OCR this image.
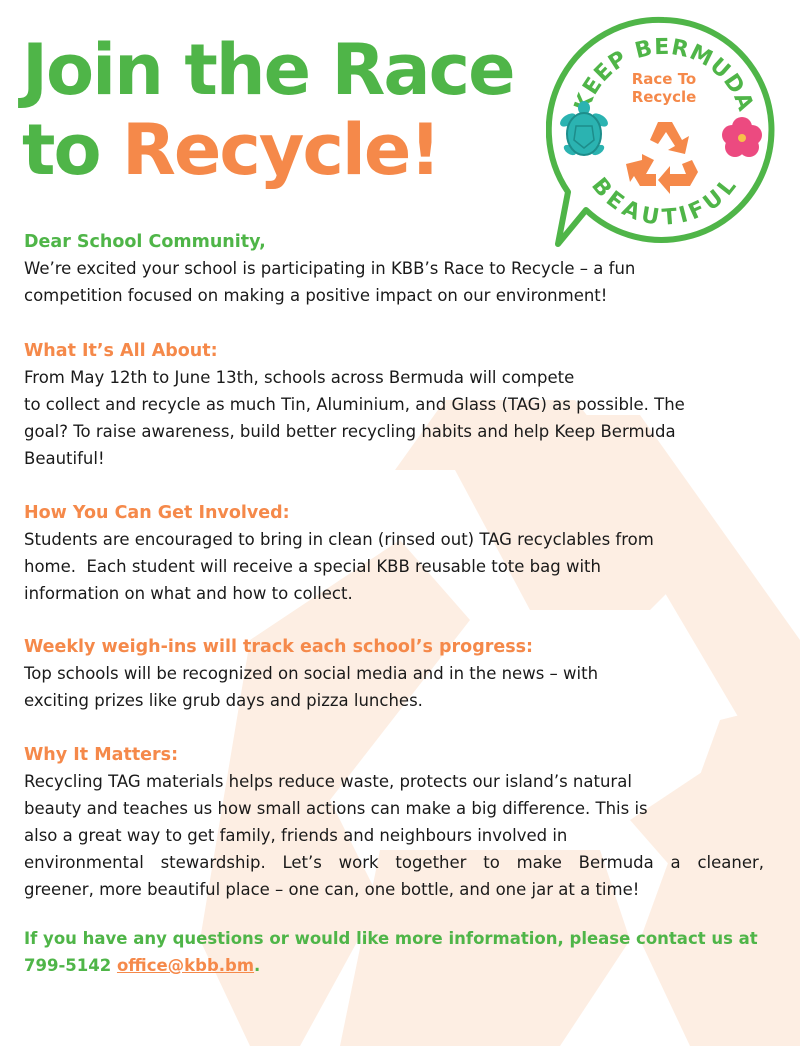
EEP BERMUDA
BEAUTIFUL
Race To
Recycle
Join the Race
to Recycle!
Dear School Community,

We’re excited your school is participating in KBB’s Race to Recycle – a fun
competition focused on making a positive impact on our environment!

What It’s All About:

From May 12th to June 13th, schools across Bermuda will compete
to collect and recycle as much Tin, Aluminium, and Glass (TAG) as possible. The
goal? To raise awareness, build better recycling habits and help Keep Bermuda
Beautiful!

How You Can Get Involved:

Students are encouraged to bring in clean (rinsed out) TAG recyclables from
home.  Each student will receive a special KBB reusable tote bag with
information on what and how to collect.

Weekly weigh-ins will track each school’s progress:

Top schools will be recognized on social media and in the news – with
exciting prizes like grub days and pizza lunches.

Why It Matters:

Recycling TAG materials helps reduce waste, protects our island’s natural
beauty and teaches us how small actions can make a big difference. This is
also a great way to get family, friends and neighbours involved in
environmental stewardship. Let’s work together to make Bermuda a cleaner,
greener, more beautiful place – one can, one bottle, and one jar at a time!

If you have any questions or would like more information, please contact us at
799-5142 office@kbb.bm.
